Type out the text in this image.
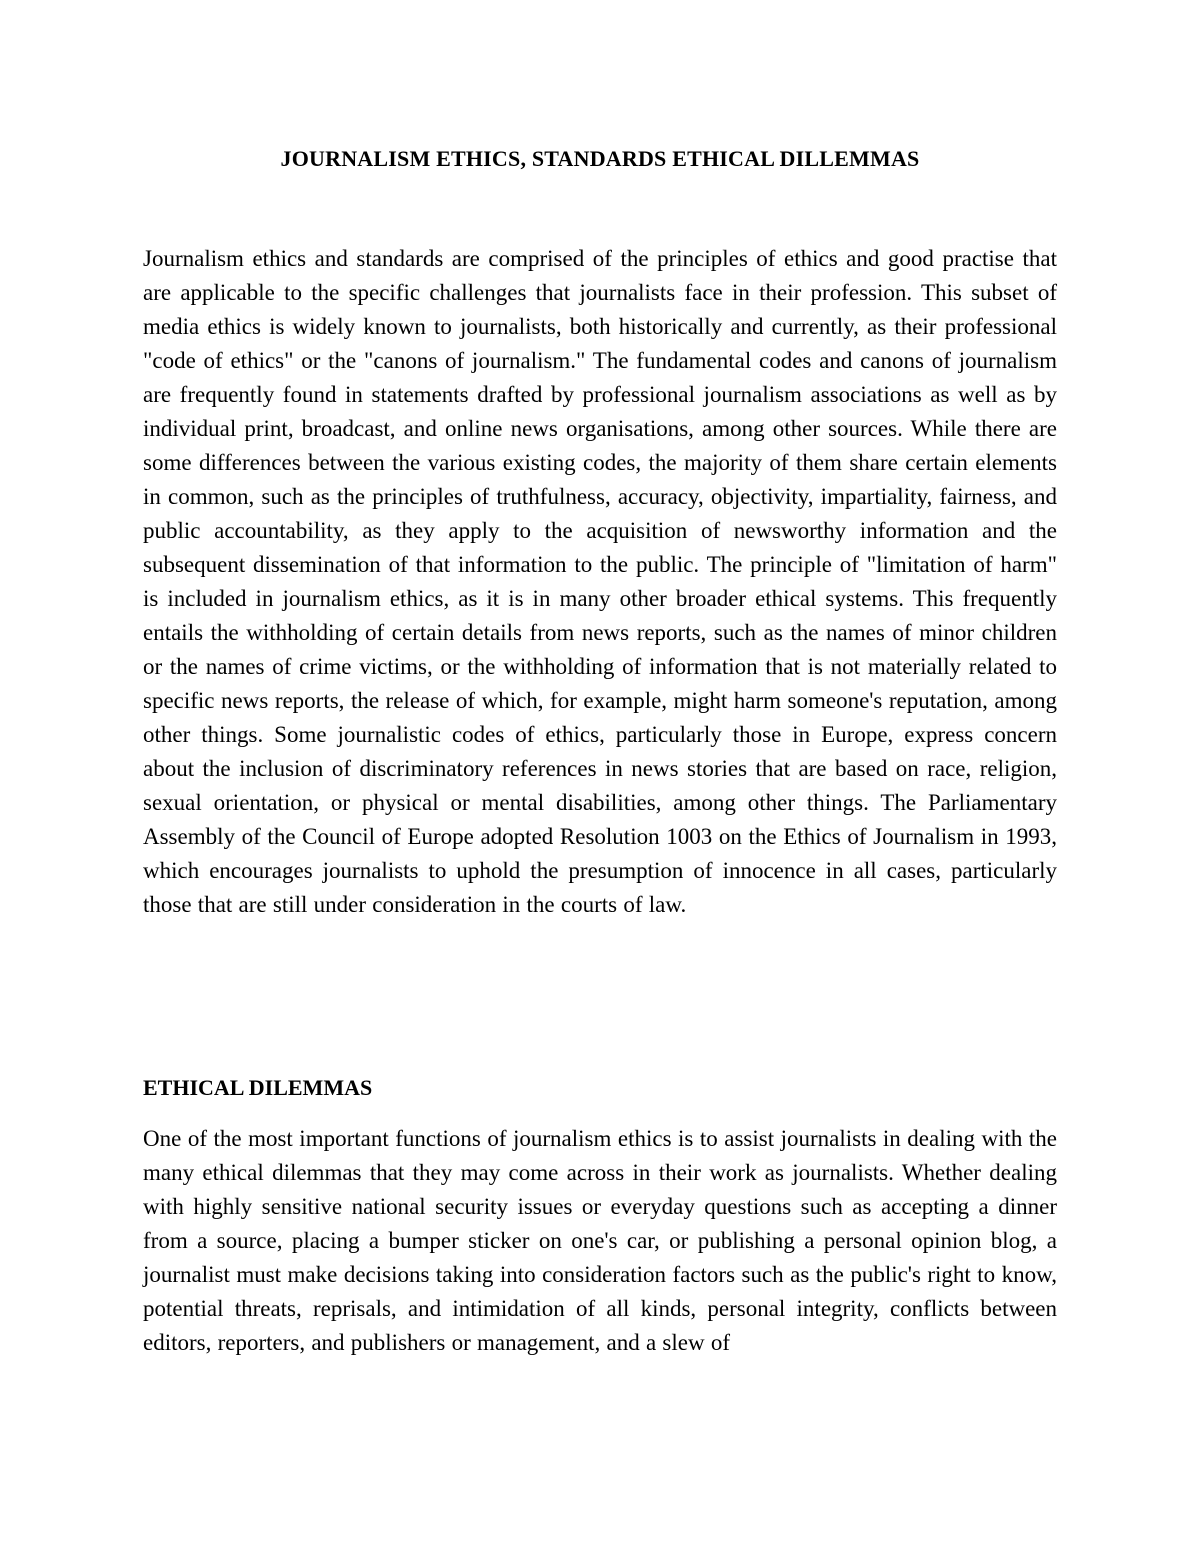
JOURNALISM ETHICS, STANDARDS ETHICAL DILLEMMAS

Journalism ethics and standards are comprised of the principles of ethics and good practise that are applicable to the specific challenges that journalists face in their profession. This subset of media ethics is widely known to journalists, both historically and currently, as their professional "code of ethics" or the "canons of journalism." The fundamental codes and canons of journalism are frequently found in statements drafted by professional journalism associations as well as by individual print, broadcast, and online news organisations, among other sources. While there are some differences between the various existing codes, the majority of them share certain elements in common, such as the principles of truthfulness, accuracy, objectivity, impartiality, fairness, and public accountability, as they apply to the acquisition of newsworthy information and the subsequent dissemination of that information to the public. The principle of "limitation of harm" is included in journalism ethics, as it is in many other broader ethical systems. This frequently entails the withholding of certain details from news reports, such as the names of minor children or the names of crime victims, or the withholding of information that is not materially related to specific news reports, the release of which, for example, might harm someone's reputation, among other things. Some journalistic codes of ethics, particularly those in Europe, express concern about the inclusion of discriminatory references in news stories that are based on race, religion, sexual orientation, or physical or mental disabilities, among other things. The Parliamentary Assembly of the Council of Europe adopted Resolution 1003 on the Ethics of Journalism in 1993, which encourages journalists to uphold the presumption of innocence in all cases, particularly those that are still under consideration in the courts of law.

ETHICAL DILEMMAS

One of the most important functions of journalism ethics is to assist journalists in dealing with the many ethical dilemmas that they may come across in their work as journalists. Whether dealing with highly sensitive national security issues or everyday questions such as accepting a dinner from a source, placing a bumper sticker on one's car, or publishing a personal opinion blog, a journalist must make decisions taking into consideration factors such as the public's right to know, potential threats, reprisals, and intimidation of all kinds, personal integrity, conflicts between editors, reporters, and publishers or management, and a slew of
